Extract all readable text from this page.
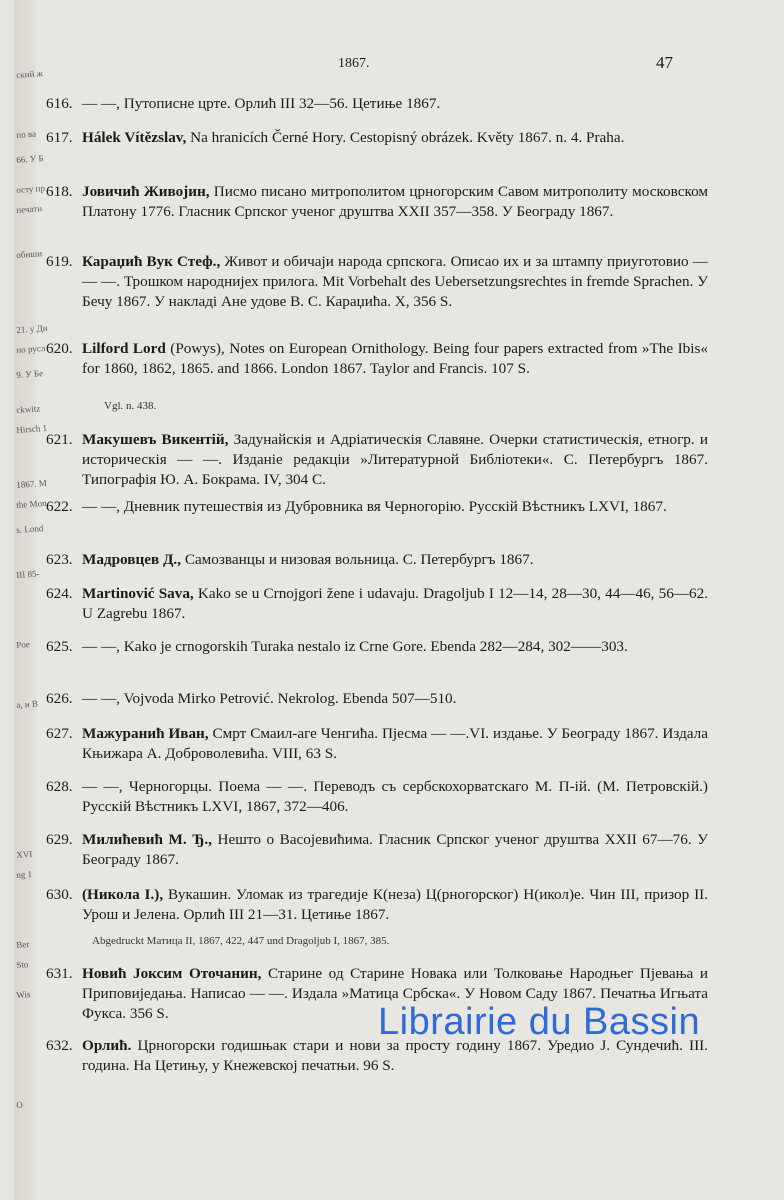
ский ж
по ва
66. У Б
осту пр
печатн
обиши
21. у Ди
по русл
9. У Бе
ckwitz
Hirsch 1
1867. M
the Mon
s. Lond
III 85-
Poe
а, и В
XVI
ng 1
Ber
Sto
Wis
О
1867.	47
616. — —, Путописне црте. Орлић III 32—56. Цетиње 1867.
617. Hálek Vítězslav, Na hranicích Černé Hory. Cestopisný obrázek. Květy 1867. n. 4. Praha.
618. Јовичић Живојин, Писмо писано митрополитом црногорским Савом митрополиту московском Платону 1776. Гласник Српског ученог друштва XXII 357—358. У Београду 1867.
619. Караџић Вук Стеф., Живот и обичаји народа српскога. Описао их и за штампу приуготовио — — —. Трошком народнијех прилога. Mit Vorbehalt des Uebersetzungsrechtes in fremde Sprachen. У Бечу 1867. У накладі Ане удове В. С. Караџића. X, 356 S.
620. Lilford Lord (Powys), Notes on European Ornithology. Being four papers extracted from »The Ibis« for 1860, 1862, 1865. and 1866. London 1867. Taylor and Francis. 107 S.
Vgl. n. 438.
621. Макушевъ Викентій, Задунайскія и Адріатическія Славяне. Очерки статистическія, етногр. и историческія — —. Изданіе редакціи »Литературной Библіотеки«. С. Петербургъ 1867. Типографія Ю. А. Бокрама. IV, 304 С.
622. — —, Дневник путешествія из Дубровника вя Черногорію. Русскій Вѣстникъ LXVI, 1867.
623. Мадровцев Д., Самозванцы и низовая вольница. С. Петербургъ 1867.
624. Martinović Sava, Kako se u Crnojgori žene i udavaju. Dragoljub I 12—14, 28—30, 44—46, 56—62. U Zagrebu 1867.
625. — —, Kako je crnogorskih Turaka nestalo iz Crne Gore. Ebenda 282—284, 302——303.
626. — —, Vojvoda Mirko Petrović. Nekrolog. Ebenda 507—510.
627. Мажуранић Иван, Смрт Смаил-аге Ченгића. Пјесма — —.VI. издање. У Београду 1867. Издала Књижара А. Доброволевића. VIII, 63 S.
628. — —, Черногорцы. Поема — —. Переводъ съ сербскохорватскаго М. П-ій. (М. Петровскій.) Русскій Вѣстникъ LXVI, 1867, 372—406.
629. Милићевић М. Ђ., Нешто о Васојевићима. Гласник Српског ученог друштва XXII 67—76. У Београду 1867.
630. (Никола I.), Вукашин. Уломак из трагедије К(неза) Ц(рногорског) Н(икол)е. Чин III, призор II. Урош и Јелена. Орлић III 21—31. Цетиње 1867.
Abgedruckt Матица II, 1867, 422, 447 und Dragoljub I, 1867, 385.
631. Новић Јоксим Оточанин, Старине од Старине Новака или Толковање Народњег Пјевања и Приповиједања. Написао — —. Издала »Матица Србска«. У Новом Саду 1867. Печатња Игњата Фукса. 356 S.
632. Орлић. Црногорски годишњак стари и нови за просту годину 1867. Уредио Ј. Сундечић. III. година. На Цетињу, у Кнежевској печатњи. 96 S.
Librairie du Bassin
